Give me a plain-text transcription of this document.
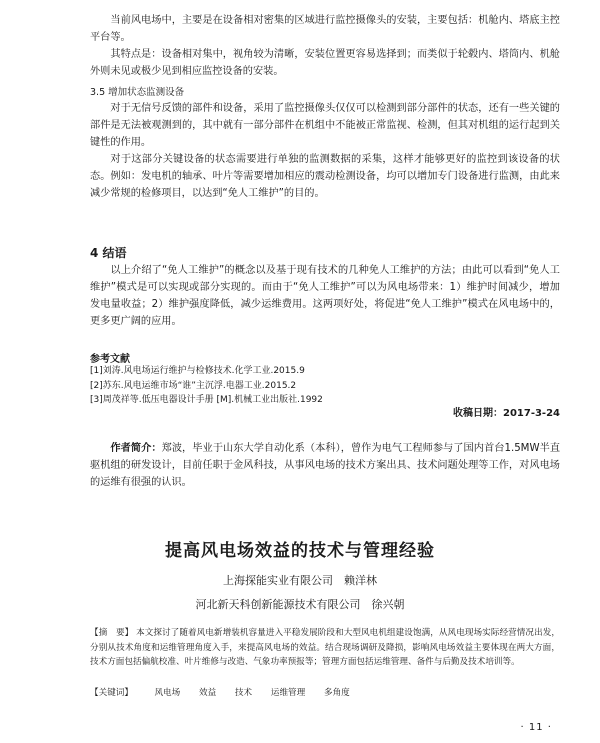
当前风电场中，主要是在设备相对密集的区域进行监控摄像头的安装，主要包括：机舱内、塔底主控平台等。

其特点是：设备相对集中，视角较为清晰，安装位置更容易选择到；而类似于轮毂内、塔筒内、机舱外则未见或极少见到相应监控设备的安装。

3.5 增加状态监测设备

对于无信号反馈的部件和设备，采用了监控摄像头仅仅可以检测到部分部件的状态，还有一些关键的部件是无法被观测到的，其中就有一部分部件在机组中不能被正常监视、检测，但其对机组的运行起到关键性的作用。

对于这部分关键设备的状态需要进行单独的监测数据的采集，这样才能够更好的监控到该设备的状态。例如：发电机的轴承、叶片等需要增加相应的震动检测设备，均可以增加专门设备进行监测，由此来减少常规的检修项目，以达到“免人工维护”的目的。

4 结语

以上介绍了“免人工维护”的概念以及基于现有技术的几种免人工维护的方法；由此可以看到“免人工维护”模式是可以实现或部分实现的。而由于“免人工维护”可以为风电场带来：1）维护时间减少，增加发电量收益；2）维护强度降低，减少运维费用。这两项好处，将促进“免人工维护”模式在风电场中的，更多更广阔的应用。

参考文献
[1]刘涛.风电场运行维护与检修技术.化学工业.2015.9
[2]苏东.风电运维市场“谁”主沉浮.电器工业.2015.2
[3]周茂祥等.低压电器设计手册 [M].机械工业出版社.1992
收稿日期：2017-3-24

作者简介：郑波，毕业于山东大学自动化系（本科），曾作为电气工程师参与了国内首台1.5MW半直驱机组的研发设计，目前任职于金风科技，从事风电场的技术方案出具、技术问题处理等工作，对风电场的运维有很强的认识。

提高风电场效益的技术与管理经验
上海探能实业有限公司　赖洋林
河北新天科创新能源技术有限公司　徐兴朝
【摘　要】 本文探讨了随着风电新增装机容量进入平稳发展阶段和大型风电机组建设饱满，从风电现场实际经营情况出发，分别从技术角度和运维管理角度入手，来提高风电场的效益。结合现场调研及降损，影响风电场效益主要体现在两大方面，技术方面包括偏航校准、叶片维修与改造、气象功率预报等；管理方面包括运维管理、备件与后勤及技术培训等。
【关键词】 风电场 效益 技术 运维管理 多角度
· 11 ·
